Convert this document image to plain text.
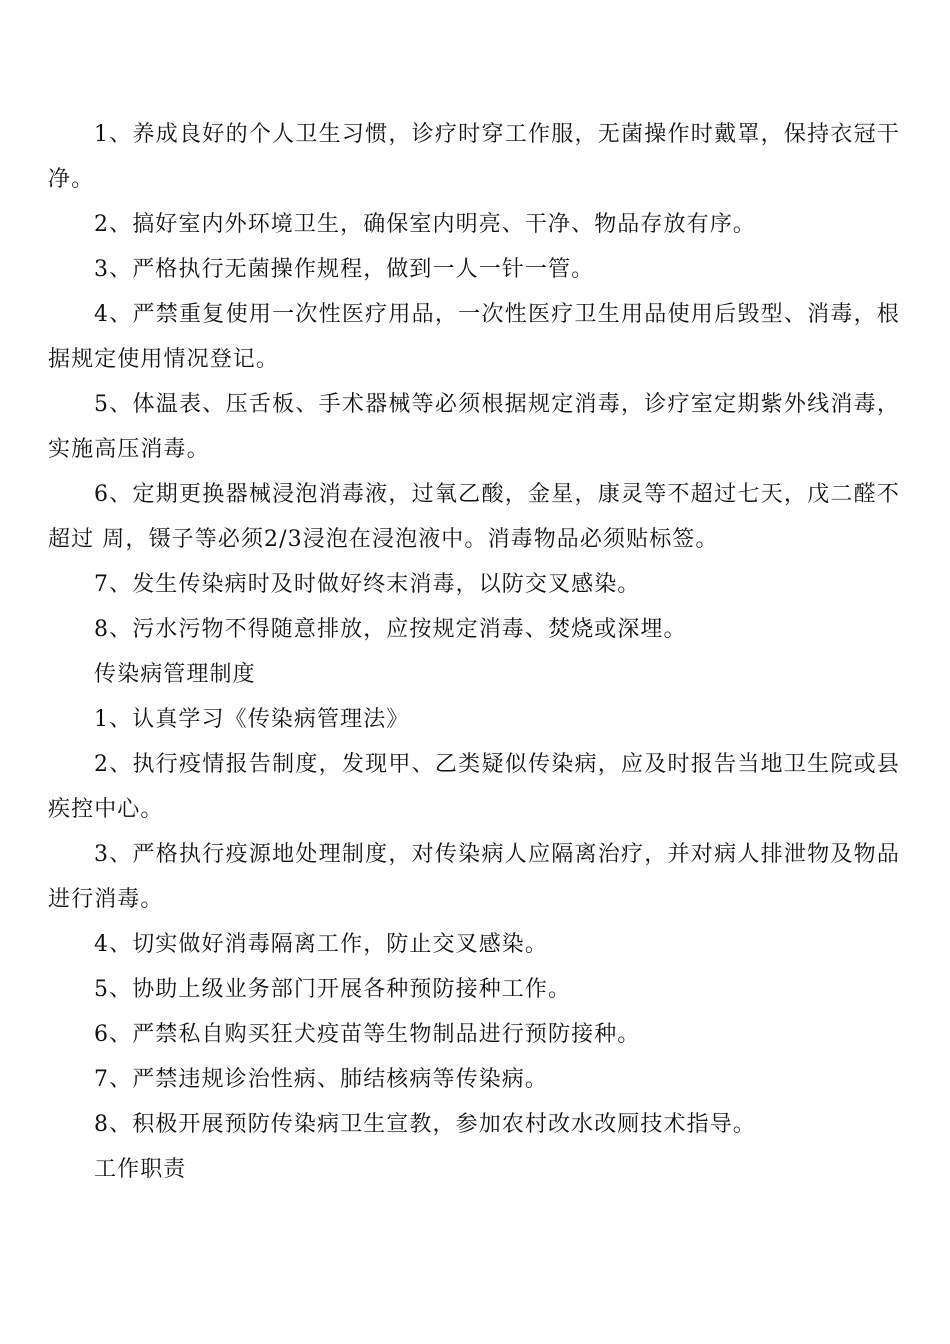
1、养成良好的个人卫生习惯，诊疗时穿工作服，无菌操作时戴罩，保持衣冠干净。

2、搞好室内外环境卫生，确保室内明亮、干净、物品存放有序。

3、严格执行无菌操作规程，做到一人一针一管。

4、严禁重复使用一次性医疗用品，一次性医疗卫生用品使用后毁型、消毒，根据规定使用情况登记。

5、体温表、压舌板、手术器械等必须根据规定消毒，诊疗室定期紫外线消毒，实施高压消毒。

6、定期更换器械浸泡消毒液，过氧乙酸，金星，康灵等不超过七天，戊二醛不超过 周，镊子等必须2/3浸泡在浸泡液中。消毒物品必须贴标签。

7、发生传染病时及时做好终末消毒，以防交叉感染。

8、污水污物不得随意排放，应按规定消毒、焚烧或深埋。

传染病管理制度

1、认真学习《传染病管理法》

2、执行疫情报告制度，发现甲、乙类疑似传染病，应及时报告当地卫生院或县疾控中心。

3、严格执行疫源地处理制度，对传染病人应隔离治疗，并对病人排泄物及物品进行消毒。

4、切实做好消毒隔离工作，防止交叉感染。

5、协助上级业务部门开展各种预防接种工作。

6、严禁私自购买狂犬疫苗等生物制品进行预防接种。

7、严禁违规诊治性病、肺结核病等传染病。

8、积极开展预防传染病卫生宣教，参加农村改水改厕技术指导。

工作职责
